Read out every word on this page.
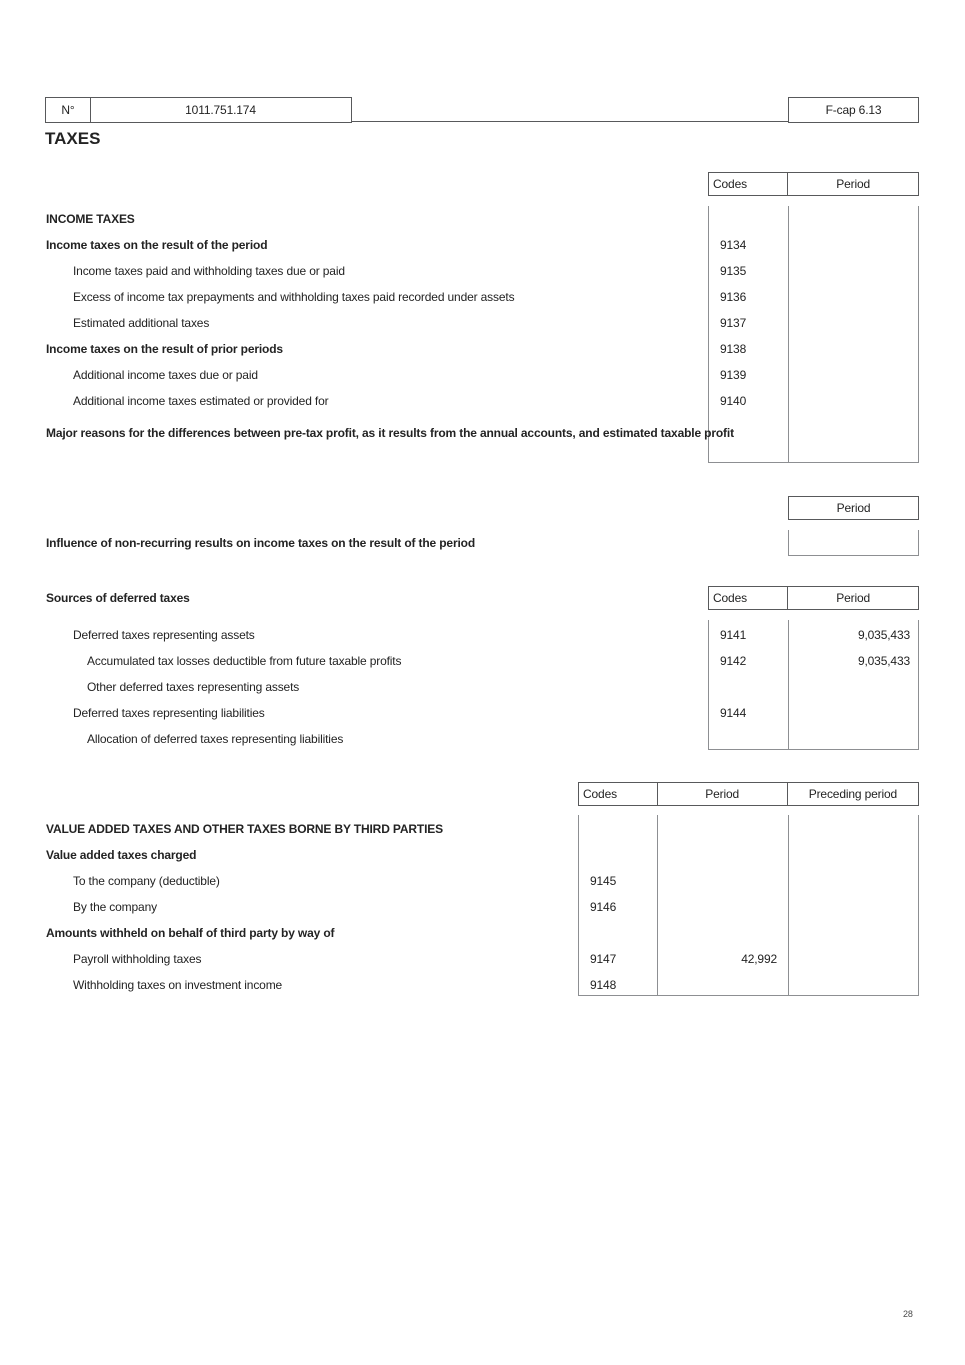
N°	1011.751.174	F-cap 6.13
TAXES
Codes	Period
INCOME TAXES
Income taxes on the result of the period	9134
Income taxes paid and withholding taxes due or paid	9135
Excess of income tax prepayments and withholding taxes paid recorded under assets	9136
Estimated additional taxes	9137
Income taxes on the result of prior periods	9138
Additional income taxes due or paid	9139
Additional income taxes estimated or provided for	9140
Major reasons for the differences between pre-tax profit, as it results from the annual accounts, and estimated taxable profit
Period
Influence of non-recurring results on income taxes on the result of the period
Sources of deferred taxes	Codes	Period
Deferred taxes representing assets	9141	9,035,433
Accumulated tax losses deductible from future taxable profits	9142	9,035,433
Other deferred taxes representing assets
Deferred taxes representing liabilities	9144
Allocation of deferred taxes representing liabilities
Codes	Period	Preceding period
VALUE ADDED TAXES AND OTHER TAXES BORNE BY THIRD PARTIES
Value added taxes charged
To the company (deductible)	9145
By the company	9146
Amounts withheld on behalf of third party by way of
Payroll withholding taxes	9147	42,992
Withholding taxes on investment income	9148
28
